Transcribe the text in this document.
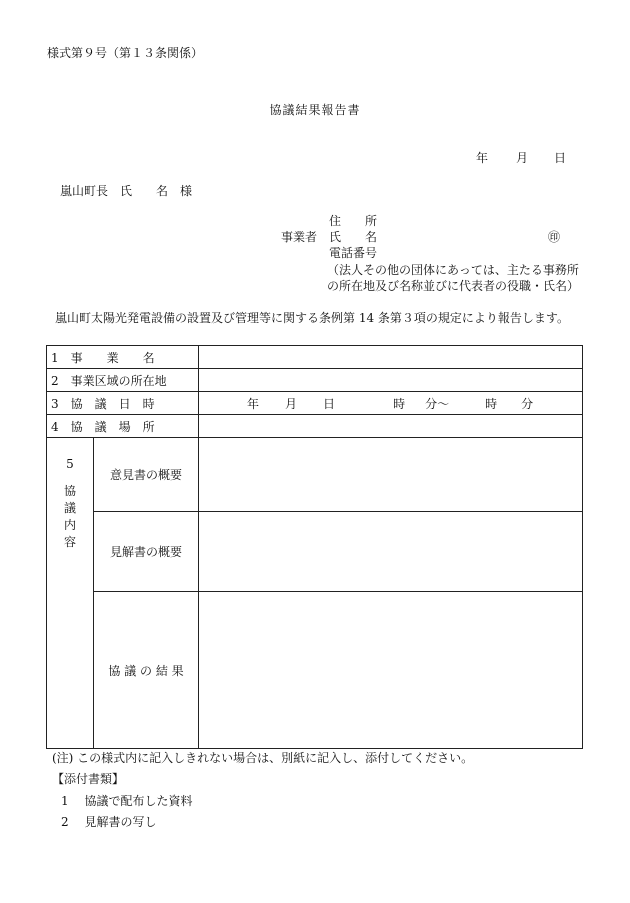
様式第９号（第１３条関係）
協議結果報告書
年 月 日
嵐山町長　氏　　名　様
事業者
住　　所
氏　　名
電話番号
㊞
（法人その他の団体にあっては、主たる事務所
の所在地及び名称並びに代表者の役職・氏名）
嵐山町太陽光発電設備の設置及び管理等に関する条例第 14 条第３項の規定により報告します。
1　事　　業　　名		
2　事業区域の所在地		
3　協　議　日　時		年 月 日 時 分～ 時 分
4　協　議　場　所		

5
協
議
内
容	意見書の概要	
	見解書の概要	
	協 議 の 結 果	
(注) この様式内に記入しきれない場合は、別紙に記入し、添付してください。
【添付書類】
1　 協議で配布した資料
2　 見解書の写し
